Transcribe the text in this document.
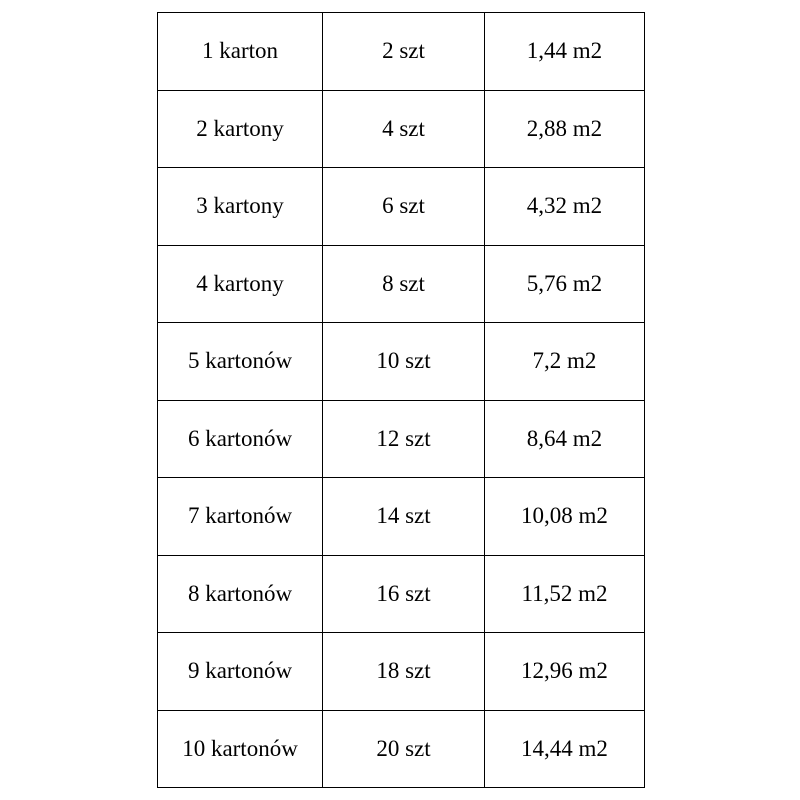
1 karton	2 szt	1,44 m2
2 kartony	4 szt	2,88 m2
3 kartony	6 szt	4,32 m2
4 kartony	8 szt	5,76 m2
5 kartonów	10 szt	7,2 m2
6 kartonów	12 szt	8,64 m2
7 kartonów	14 szt	10,08 m2
8 kartonów	16 szt	11,52 m2
9 kartonów	18 szt	12,96 m2
10 kartonów	20 szt	14,44 m2
